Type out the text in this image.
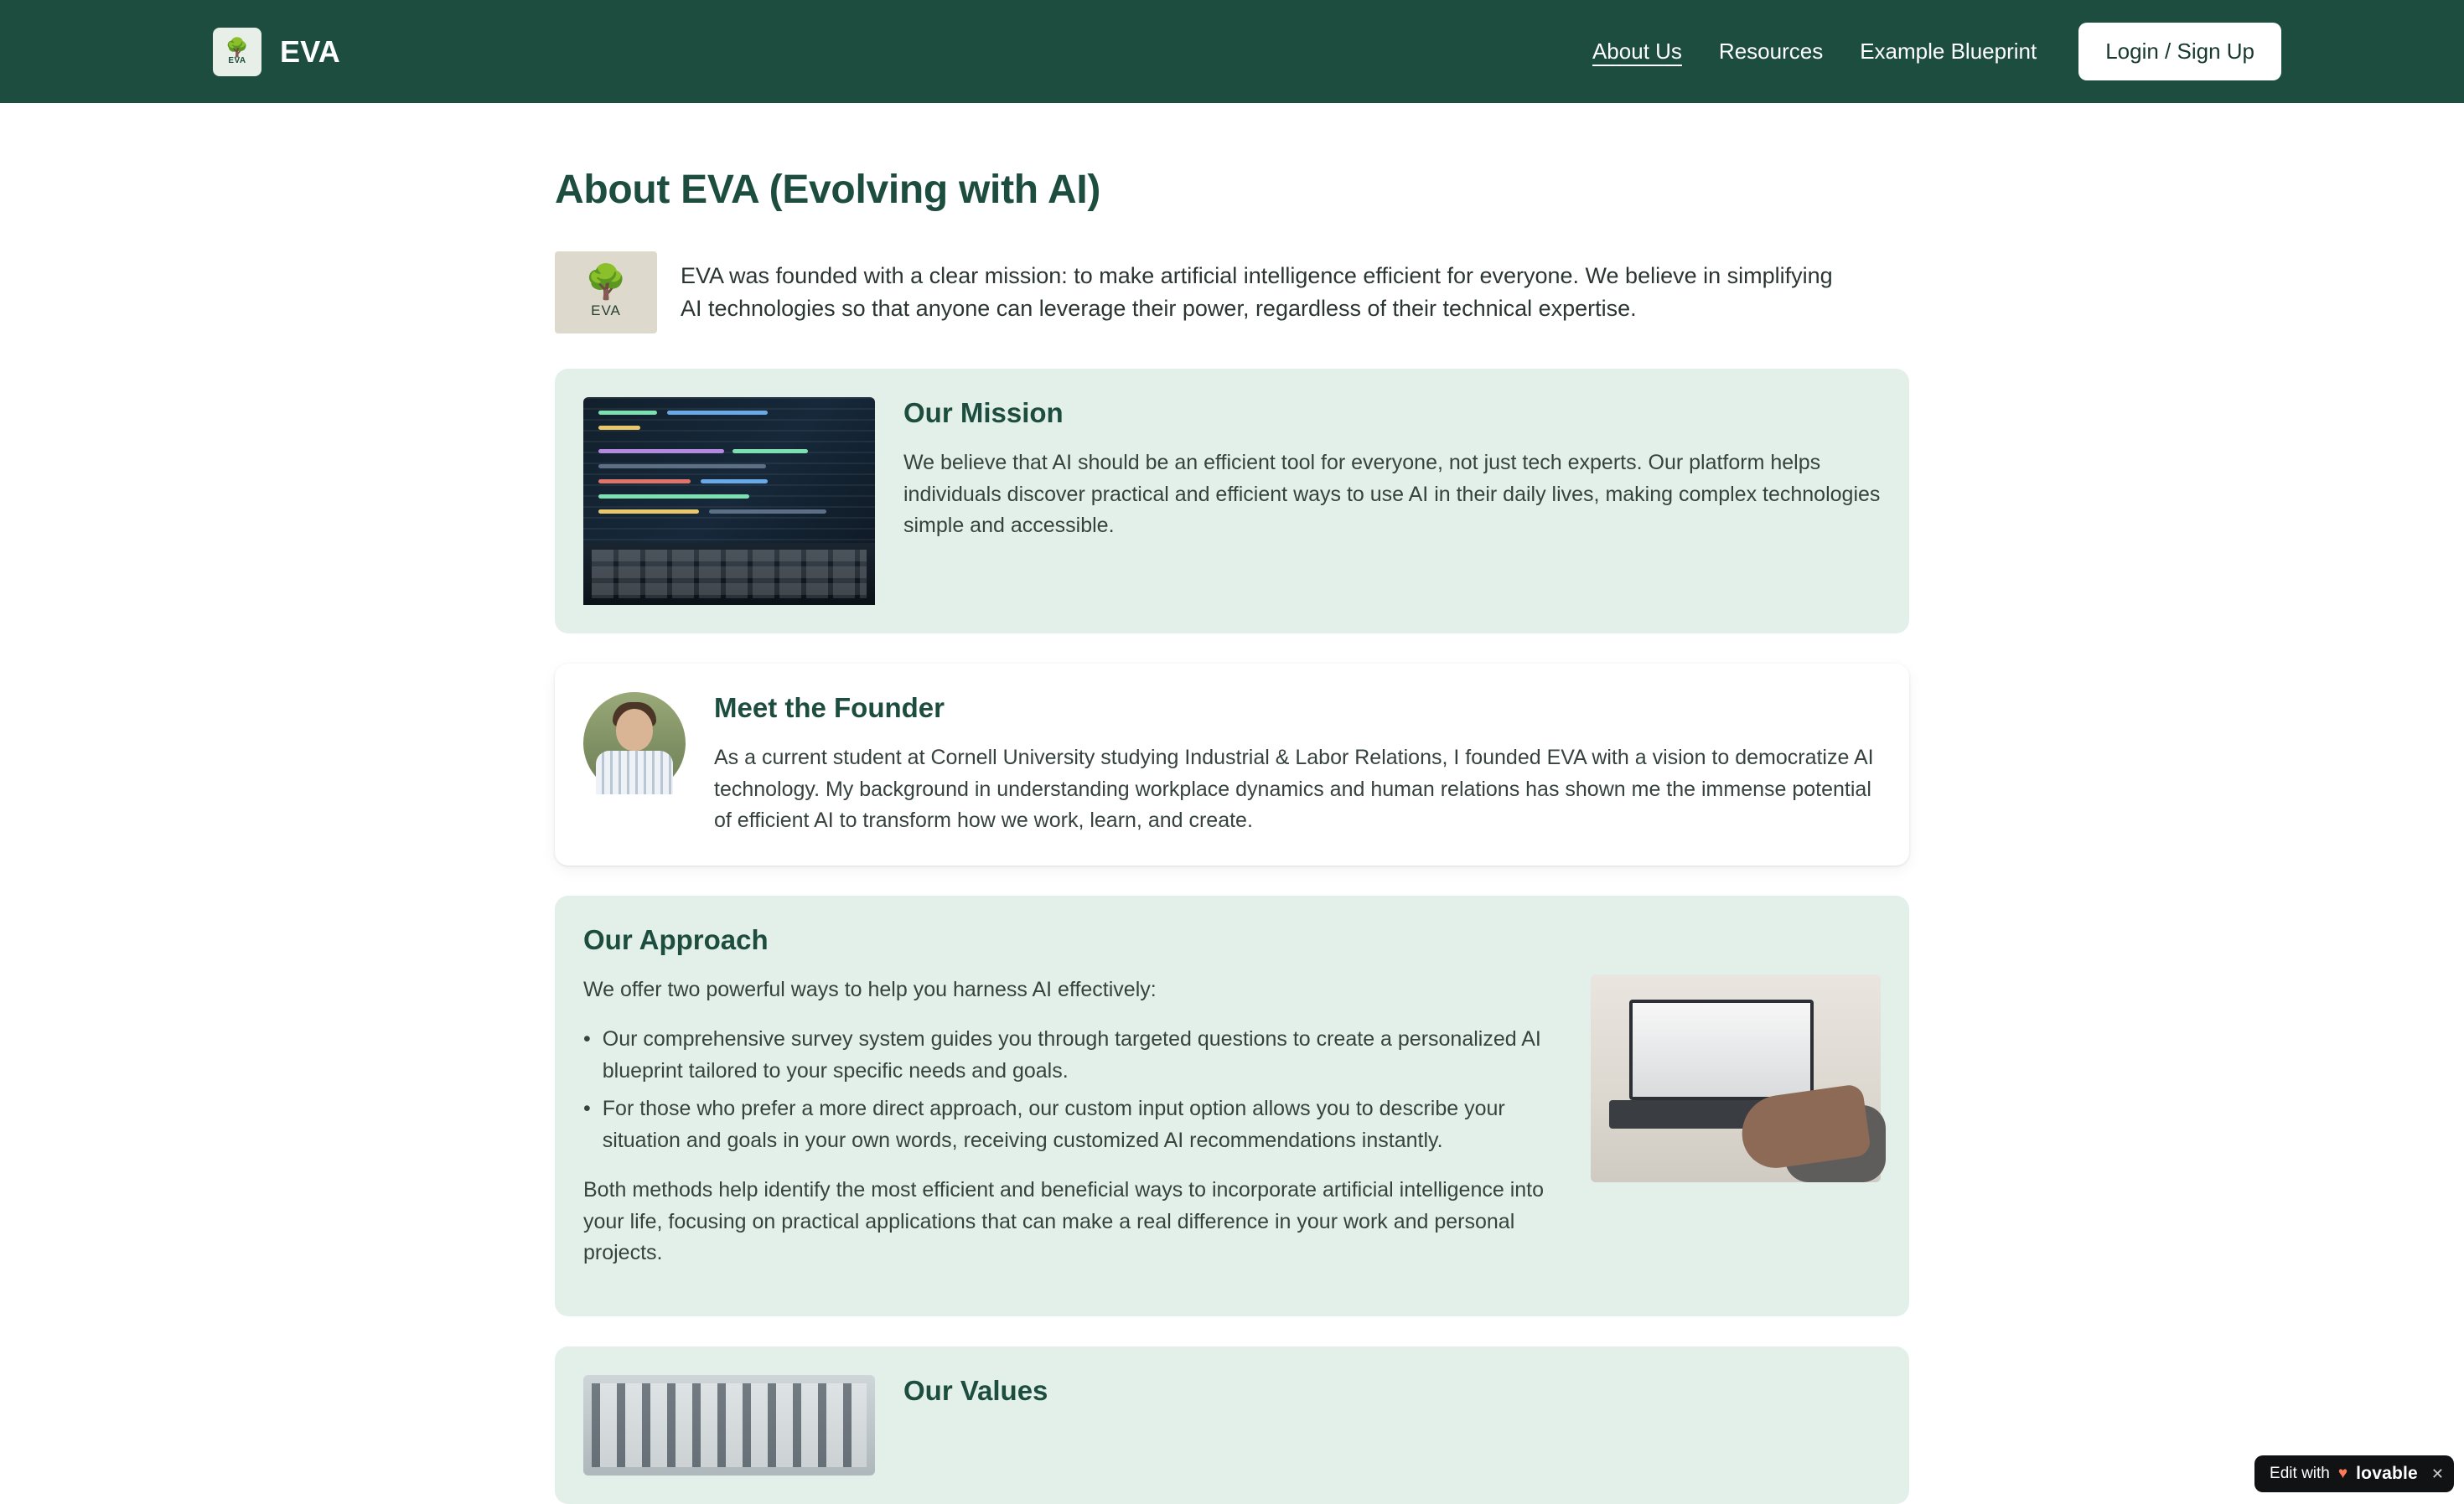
🌳
EVA EVA	About Us	Resources	Example Blueprint	Login / Sign Up
About EVA (Evolving with AI)
🌳
EVA
EVA was founded with a clear mission: to make artificial intelligence efficient for everyone. We believe in simplifying AI technologies so that anyone can leverage their power, regardless of their technical expertise.
Our Mission
We believe that AI should be an efficient tool for everyone, not just tech experts. Our platform helps individuals discover practical and efficient ways to use AI in their daily lives, making complex technologies simple and accessible.
Meet the Founder
As a current student at Cornell University studying Industrial & Labor Relations, I founded EVA with a vision to democratize AI technology. My background in understanding workplace dynamics and human relations has shown me the immense potential of efficient AI to transform how we work, learn, and create.
Our Approach

We offer two powerful ways to help you harness AI effectively:

• Our comprehensive survey system guides you through targeted questions to create a personalized AI blueprint tailored to your specific needs and goals.
• For those who prefer a more direct approach, our custom input option allows you to describe your situation and goals in your own words, receiving customized AI recommendations instantly.

Both methods help identify the most efficient and beneficial ways to incorporate artificial intelligence into your life, focusing on practical applications that can make a real difference in your work and personal projects.

Our Values
Edit with ♥ lovable ✕
